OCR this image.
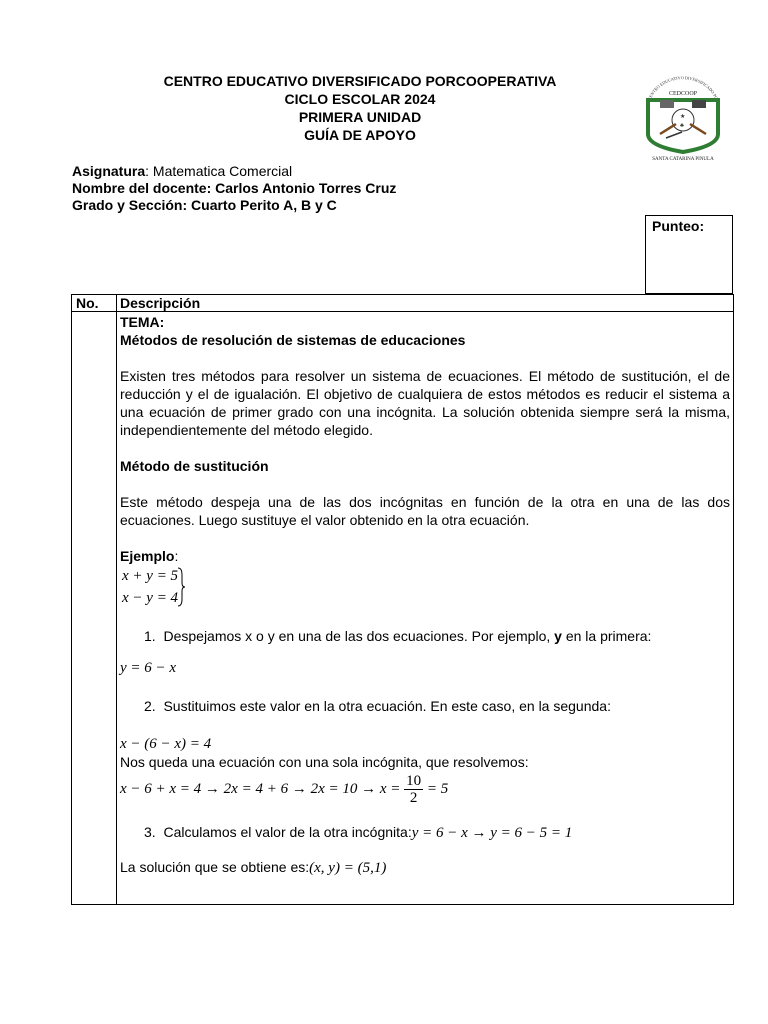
CENTRO EDUCATIVO DIVERSIFICADO PORCOOPERATIVA
CICLO ESCOLAR 2024
PRIMERA UNIDAD
GUÍA DE APOYO
ENTRO EDUCATIVO DIVERSIFICADO PO
CEDCOOP
★
♣
SANTA CATARINA PINULA
Asignatura: Matematica Comercial
Nombre del docente: Carlos Antonio Torres Cruz
Grado y Sección: Cuarto Perito A, B y C
Punteo:
No. Descripción

TEMA:

Métodos de resolución de sistemas de educaciones

Existen tres métodos para resolver un sistema de ecuaciones. El método de sustitución, el de reducción y el de igualación. El objetivo de cualquiera de estos métodos es reducir el sistema a una ecuación de primer grado con una incógnita. La solución obtenida siempre será la misma, independientemente del método elegido.

Método de sustitución

Este método despeja una de las dos incógnitas en función de la otra en una de las dos ecuaciones. Luego sustituye el valor obtenido en la otra ecuación.

Ejemplo:

x + y = 5
x − y = 4

1. Despejamos x o y en una de las dos ecuaciones. Por ejemplo, y en la primera:

y = 6 − x

2. Sustituimos este valor en la otra ecuación. En este caso, en la segunda:

x − (6 − x) = 4

Nos queda una ecuación con una sola incógnita, que resolvemos:

$x - 6 + x = 4 \to 2x = 4 + 6 \to 2x = 10 \to x = \frac{10}{2} = 5$

3. Calculamos el valor de la otra incógnita:y = 6 − x → y = 6 − 5 = 1

La solución que se obtiene es:(x, y) = (5,1)
